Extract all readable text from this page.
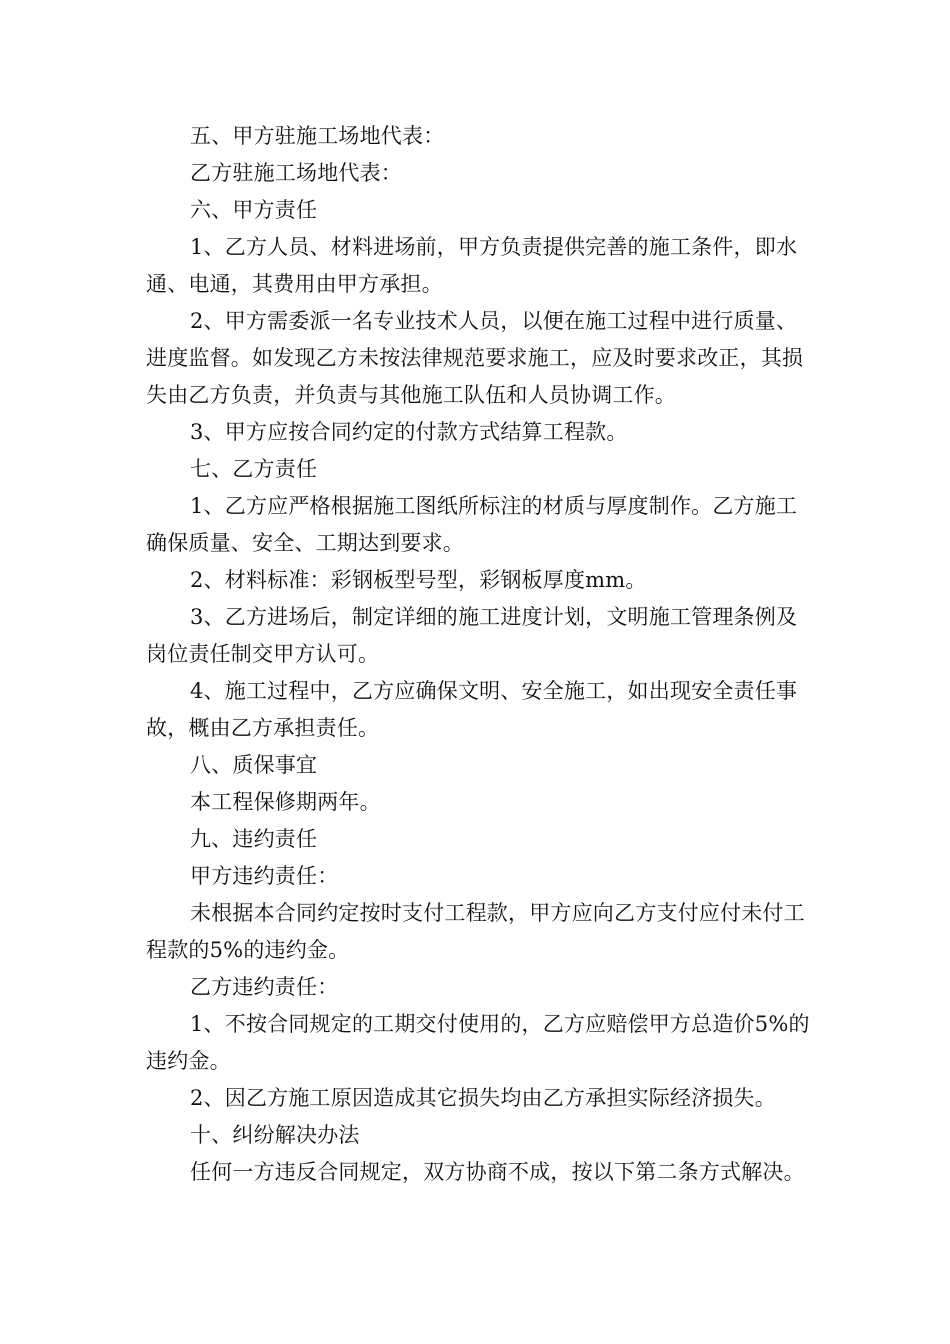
五、甲方驻施工场地代表：

乙方驻施工场地代表：

六、甲方责任

1、乙方人员、材料进场前，甲方负责提供完善的施工条件，即水通、电通，其费用由甲方承担。

2、甲方需委派一名专业技术人员，以便在施工过程中进行质量、进度监督。如发现乙方未按法律规范要求施工，应及时要求改正，其损失由乙方负责，并负责与其他施工队伍和人员协调工作。

3、甲方应按合同约定的付款方式结算工程款。

七、乙方责任

1、乙方应严格根据施工图纸所标注的材质与厚度制作。乙方施工确保质量、安全、工期达到要求。

2、材料标准：彩钢板型号型，彩钢板厚度mm。

3、乙方进场后，制定详细的施工进度计划，文明施工管理条例及岗位责任制交甲方认可。

4、施工过程中，乙方应确保文明、安全施工，如出现安全责任事故，概由乙方承担责任。

八、质保事宜

本工程保修期两年。

九、违约责任

甲方违约责任：

未根据本合同约定按时支付工程款，甲方应向乙方支付应付未付工程款的5%的违约金。

乙方违约责任：

1、不按合同规定的工期交付使用的，乙方应赔偿甲方总造价5%的违约金。

2、因乙方施工原因造成其它损失均由乙方承担实际经济损失。

十、纠纷解决办法

任何一方违反合同规定，双方协商不成，按以下第二条方式解决。
